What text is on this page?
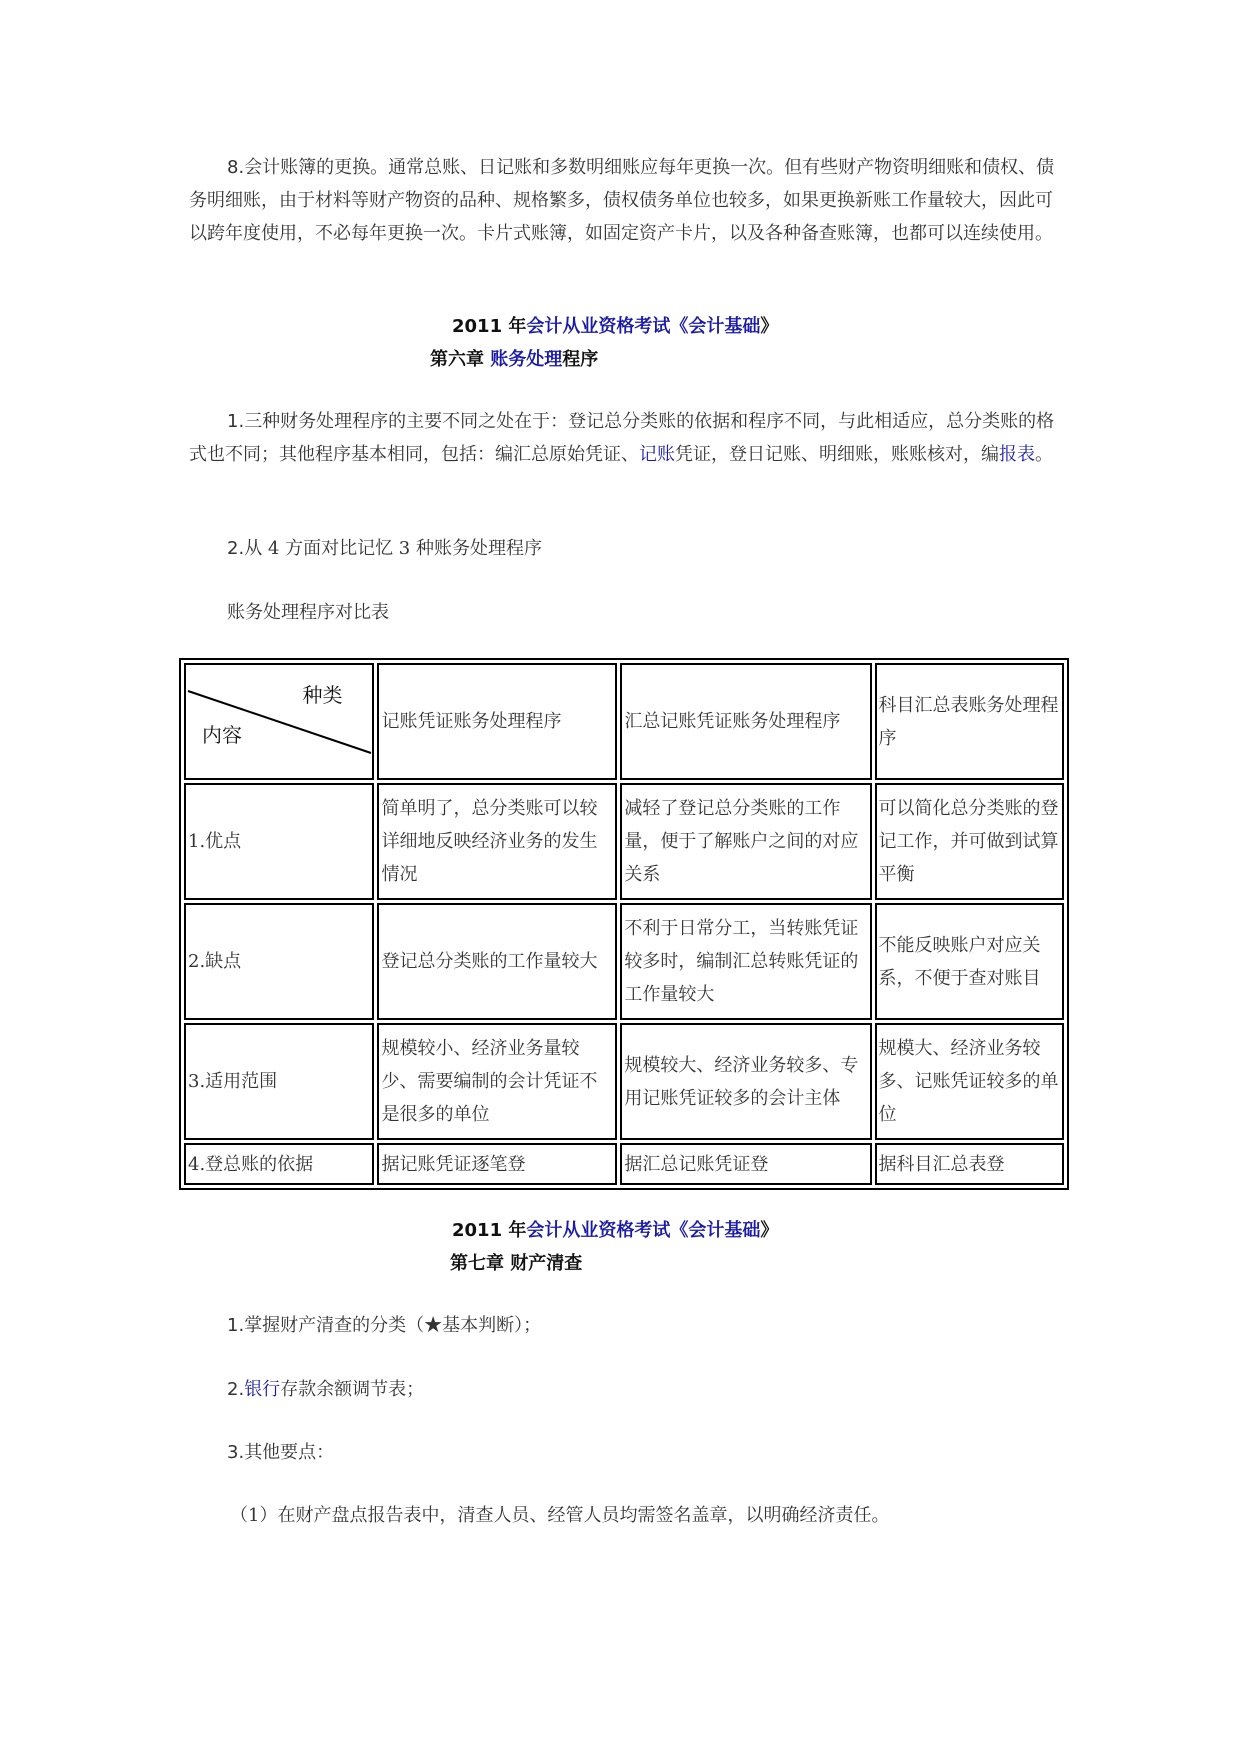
8.会计账簿的更换。通常总账、日记账和多数明细账应每年更换一次。但有些财产物资明细账和债权、债务明细账，由于材料等财产物资的品种、规格繁多，债权债务单位也较多，如果更换新账工作量较大，因此可以跨年度使用，不必每年更换一次。卡片式账簿，如固定资产卡片，以及各种备查账簿，也都可以连续使用。

2011 年会计从业资格考试《会计基础》

第六章 账务处理程序

1.三种财务处理程序的主要不同之处在于：登记总分类账的依据和程序不同，与此相适应，总分类账的格式也不同；其他程序基本相同，包括：编汇总原始凭证、记账凭证，登日记账、明细账，账账核对，编报表。

2.从 4 方面对比记忆 3 种账务处理程序

账务处理程序对比表

种类
内容	记账凭证账务处理程序	汇总记账凭证账务处理程序	科目汇总表账务处理程序
1.优点	简单明了，总分类账可以较详细地反映经济业务的发生情况	减轻了登记总分类账的工作量，便于了解账户之间的对应关系	可以简化总分类账的登记工作，并可做到试算平衡
2.缺点	登记总分类账的工作量较大	不利于日常分工，当转账凭证较多时，编制汇总转账凭证的工作量较大	不能反映账户对应关系，不便于查对账目
3.适用范围	规模较小、经济业务量较少、需要编制的会计凭证不是很多的单位	规模较大、经济业务较多、专用记账凭证较多的会计主体	规模大、经济业务较多、记账凭证较多的单位
4.登总账的依据	据记账凭证逐笔登	据汇总记账凭证登	据科目汇总表登

2011 年会计从业资格考试《会计基础》

第七章 财产清查

1.掌握财产清查的分类（★基本判断）；

2.银行存款余额调节表；

3.其他要点：

（1）在财产盘点报告表中，清查人员、经管人员均需签名盖章，以明确经济责任。
